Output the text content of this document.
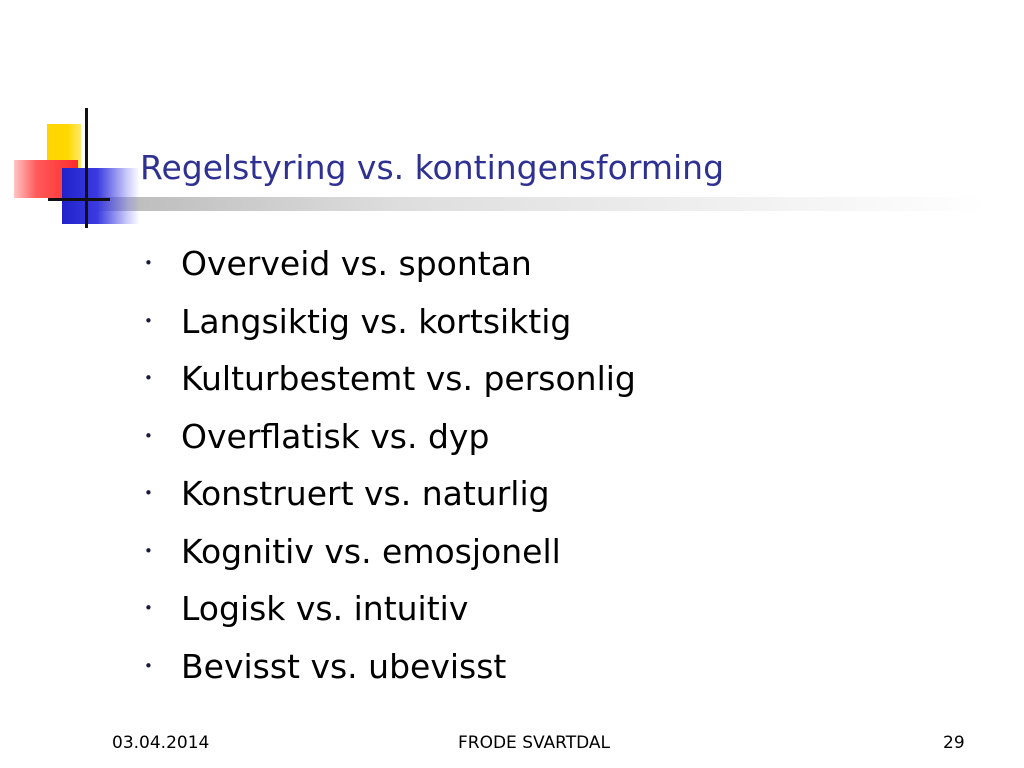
Regelstyring vs. kontingensforming
• Overveid vs. spontan
• Langsiktig vs. kortsiktig
• Kulturbestemt vs. personlig
• Overflatisk vs. dyp
• Konstruert vs. naturlig
• Kognitiv vs. emosjonell
• Logisk vs. intuitiv
• Bevisst vs. ubevisst
03.04.2014	FRODE SVARTDAL	29
